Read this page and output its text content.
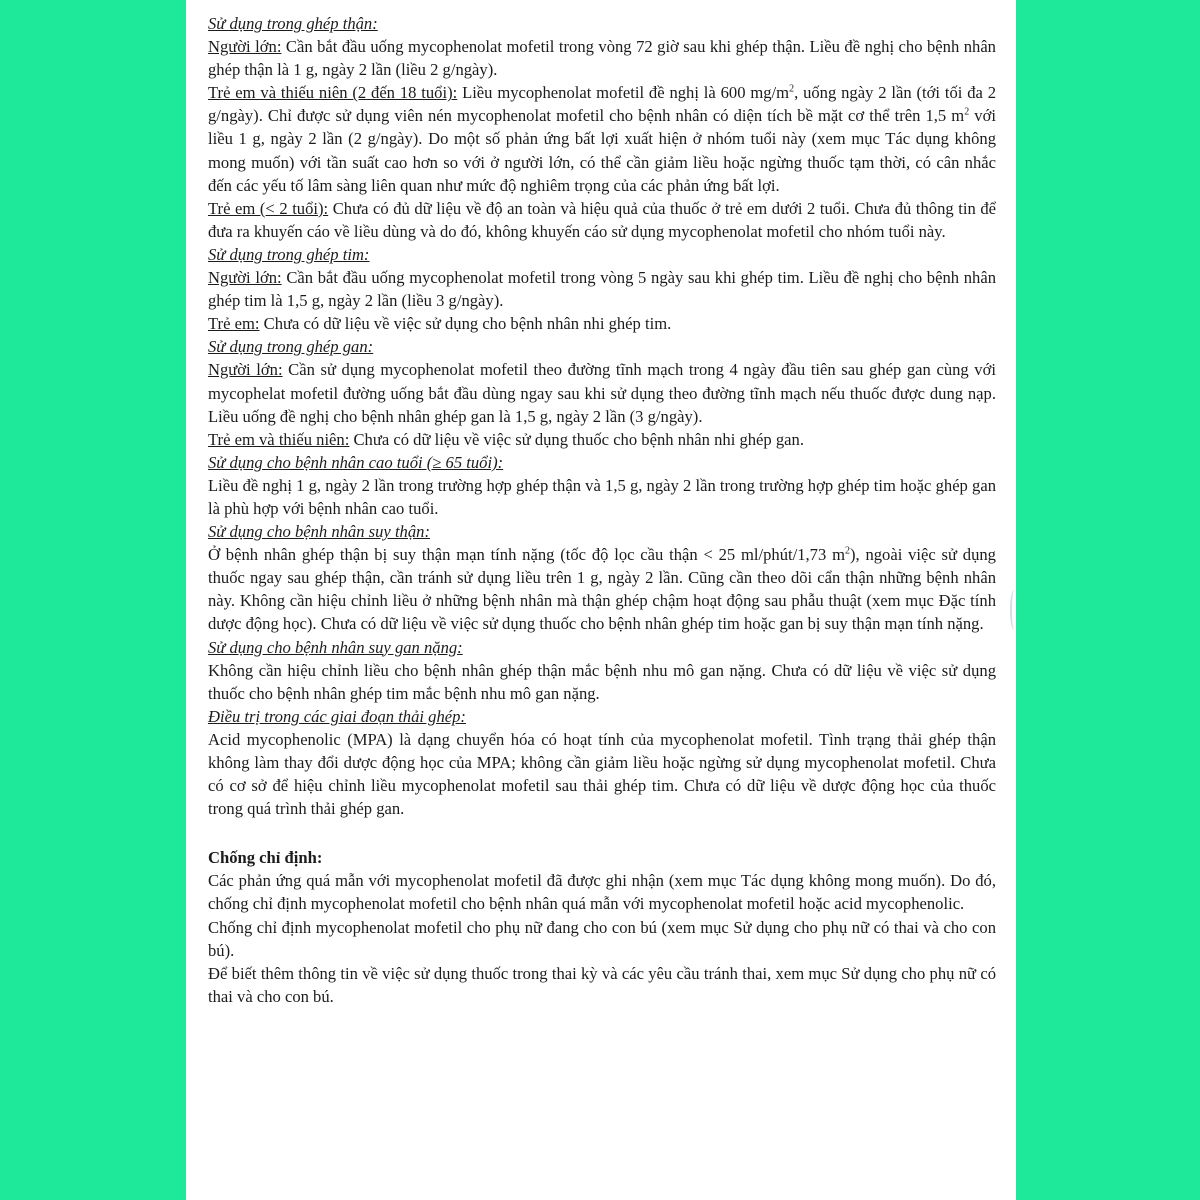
Sử dụng trong ghép thận:

Người lớn: Cần bắt đầu uống mycophenolat mofetil trong vòng 72 giờ sau khi ghép thận. Liều đề nghị cho bệnh nhân ghép thận là 1 g, ngày 2 lần (liều 2 g/ngày).

Trẻ em và thiếu niên (2 đến 18 tuổi): Liều mycophenolat mofetil đề nghị là 600 $mg/m^2$, uống ngày 2 lần (tới tối đa 2 g/ngày). Chỉ được sử dụng viên nén mycophenolat mofetil cho bệnh nhân có diện tích bề mặt cơ thể trên 1,5 $m^2$ với liều 1 g, ngày 2 lần (2 g/ngày). Do một số phản ứng bất lợi xuất hiện ở nhóm tuổi này (xem mục Tác dụng không mong muốn) với tần suất cao hơn so với ở người lớn, có thể cần giảm liều hoặc ngừng thuốc tạm thời, có cân nhắc đến các yếu tố lâm sàng liên quan như mức độ nghiêm trọng của các phản ứng bất lợi.

Trẻ em (< 2 tuổi): Chưa có đủ dữ liệu về độ an toàn và hiệu quả của thuốc ở trẻ em dưới 2 tuổi. Chưa đủ thông tin để đưa ra khuyến cáo về liều dùng và do đó, không khuyến cáo sử dụng mycophenolat mofetil cho nhóm tuổi này.

Sử dụng trong ghép tim:

Người lớn: Cần bắt đầu uống mycophenolat mofetil trong vòng 5 ngày sau khi ghép tim. Liều đề nghị cho bệnh nhân ghép tim là 1,5 g, ngày 2 lần (liều 3 g/ngày).

Trẻ em: Chưa có dữ liệu về việc sử dụng cho bệnh nhân nhi ghép tim.

Sử dụng trong ghép gan:

Người lớn: Cần sử dụng mycophenolat mofetil theo đường tĩnh mạch trong 4 ngày đầu tiên sau ghép gan cùng với mycophelat mofetil đường uống bắt đầu dùng ngay sau khi sử dụng theo đường tĩnh mạch nếu thuốc được dung nạp. Liều uống đề nghị cho bệnh nhân ghép gan là 1,5 g, ngày 2 lần (3 g/ngày).

Trẻ em và thiếu niên: Chưa có dữ liệu về việc sử dụng thuốc cho bệnh nhân nhi ghép gan.

Sử dụng cho bệnh nhân cao tuổi (≥ 65 tuổi):

Liều đề nghị 1 g, ngày 2 lần trong trường hợp ghép thận và 1,5 g, ngày 2 lần trong trường hợp ghép tim hoặc ghép gan là phù hợp với bệnh nhân cao tuổi.

Sử dụng cho bệnh nhân suy thận:

Ở bệnh nhân ghép thận bị suy thận mạn tính nặng (tốc độ lọc cầu thận < 25 ml/phút/1,73 $m^2$), ngoài việc sử dụng thuốc ngay sau ghép thận, cần tránh sử dụng liều trên 1 g, ngày 2 lần. Cũng cần theo dõi cẩn thận những bệnh nhân này. Không cần hiệu chỉnh liều ở những bệnh nhân mà thận ghép chậm hoạt động sau phẫu thuật (xem mục Đặc tính dược động học). Chưa có dữ liệu về việc sử dụng thuốc cho bệnh nhân ghép tim hoặc gan bị suy thận mạn tính nặng.

Sử dụng cho bệnh nhân suy gan nặng:

Không cần hiệu chỉnh liều cho bệnh nhân ghép thận mắc bệnh nhu mô gan nặng. Chưa có dữ liệu về việc sử dụng thuốc cho bệnh nhân ghép tim mắc bệnh nhu mô gan nặng.

Điều trị trong các giai đoạn thải ghép:

Acid mycophenolic (MPA) là dạng chuyển hóa có hoạt tính của mycophenolat mofetil. Tình trạng thải ghép thận không làm thay đổi dược động học của MPA; không cần giảm liều hoặc ngừng sử dụng mycophenolat mofetil. Chưa có cơ sở để hiệu chỉnh liều mycophenolat mofetil sau thải ghép tim. Chưa có dữ liệu về dược động học của thuốc trong quá trình thải ghép gan.

Chống chỉ định:

Các phản ứng quá mẫn với mycophenolat mofetil đã được ghi nhận (xem mục Tác dụng không mong muốn). Do đó, chống chỉ định mycophenolat mofetil cho bệnh nhân quá mẫn với mycophenolat mofetil hoặc acid mycophenolic.

Chống chỉ định mycophenolat mofetil cho phụ nữ đang cho con bú (xem mục Sử dụng cho phụ nữ có thai và cho con bú).

Để biết thêm thông tin về việc sử dụng thuốc trong thai kỳ và các yêu cầu tránh thai, xem mục Sử dụng cho phụ nữ có thai và cho con bú.
